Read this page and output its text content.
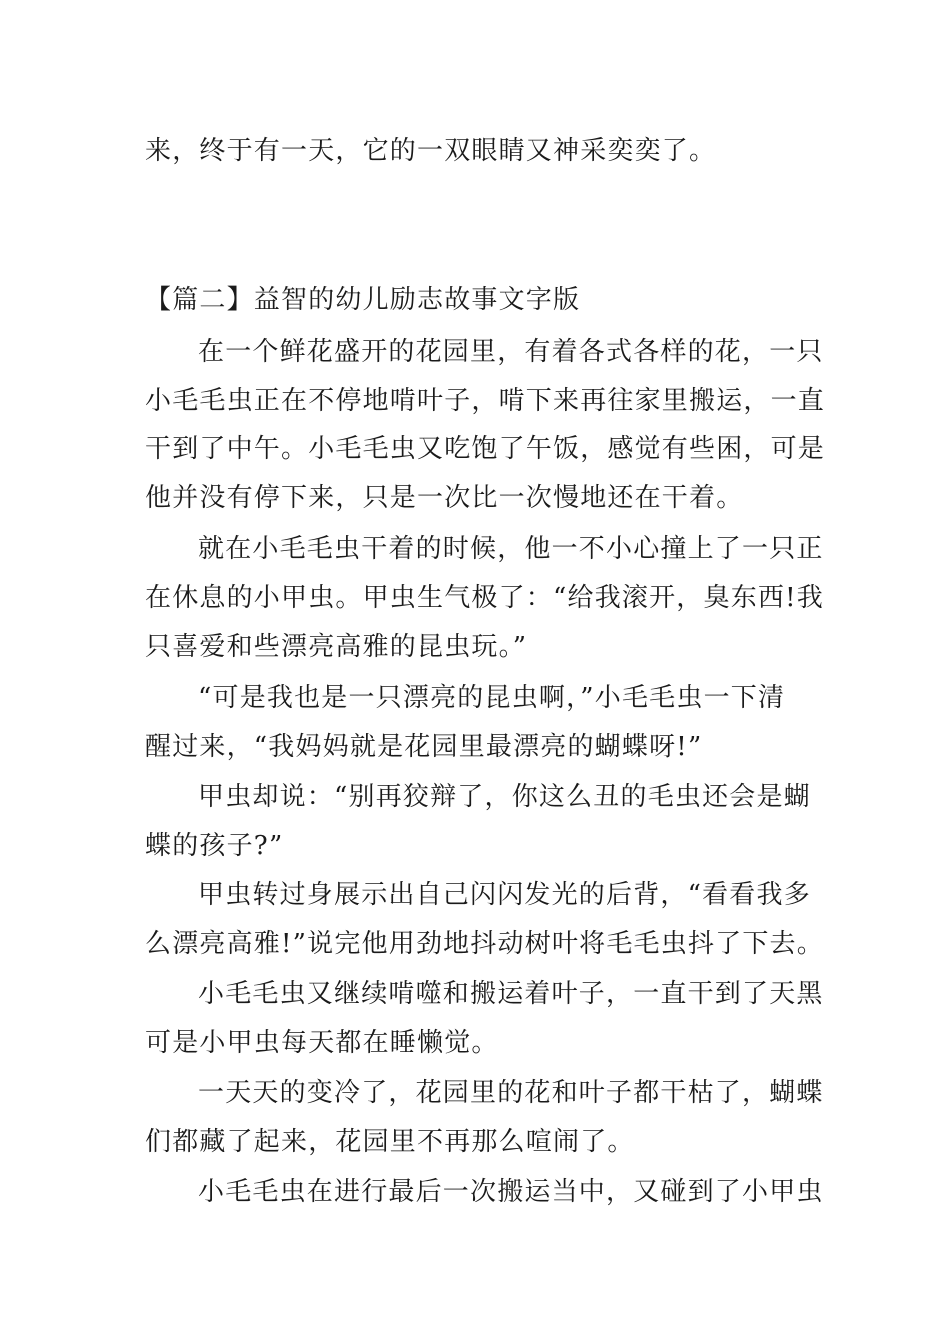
来，终于有一天，它的一双眼睛又神采奕奕了。
【篇二】益智的幼儿励志故事文字版
在一个鲜花盛开的花园里，有着各式各样的花，一只
小毛毛虫正在不停地啃叶子，啃下来再往家里搬运，一直
干到了中午。小毛毛虫又吃饱了午饭，感觉有些困，可是
他并没有停下来，只是一次比一次慢地还在干着。
就在小毛毛虫干着的时候，他一不小心撞上了一只正
在休息的小甲虫。甲虫生气极了：“给我滚开，臭东西!我
只喜爱和些漂亮高雅的昆虫玩。”
“可是我也是一只漂亮的昆虫啊，”小毛毛虫一下清
醒过来，“我妈妈就是花园里最漂亮的蝴蝶呀!”
甲虫却说：“别再狡辩了，你这么丑的毛虫还会是蝴
蝶的孩子?”
甲虫转过身展示出自己闪闪发光的后背，“看看我多
么漂亮高雅!”说完他用劲地抖动树叶将毛毛虫抖了下去。
小毛毛虫又继续啃噬和搬运着叶子，一直干到了天黑
可是小甲虫每天都在睡懒觉。
一天天的变冷了，花园里的花和叶子都干枯了，蝴蝶
们都藏了起来，花园里不再那么喧闹了。
小毛毛虫在进行最后一次搬运当中，又碰到了小甲虫
